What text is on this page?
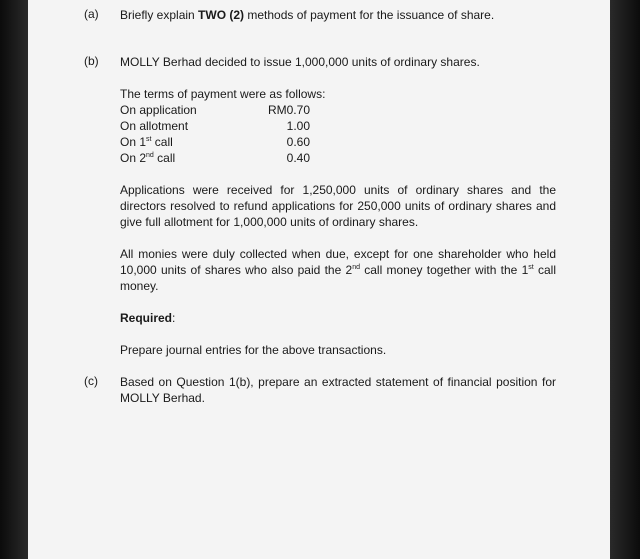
(a) Briefly explain TWO (2) methods of payment for the issuance of share.
(b) MOLLY Berhad decided to issue 1,000,000 units of ordinary shares.
The terms of payment were as follows:
On application	RM0.70
On allotment	1.00
On 1st call	0.60
On 2nd call	0.40
Applications were received for 1,250,000 units of ordinary shares and the directors resolved to refund applications for 250,000 units of ordinary shares and give full allotment for 1,000,000 units of ordinary shares.
All monies were duly collected when due, except for one shareholder who held 10,000 units of shares who also paid the 2nd call money together with the 1st call money.
Required:
Prepare journal entries for the above transactions.
(c) Based on Question 1(b), prepare an extracted statement of financial position for MOLLY Berhad.
